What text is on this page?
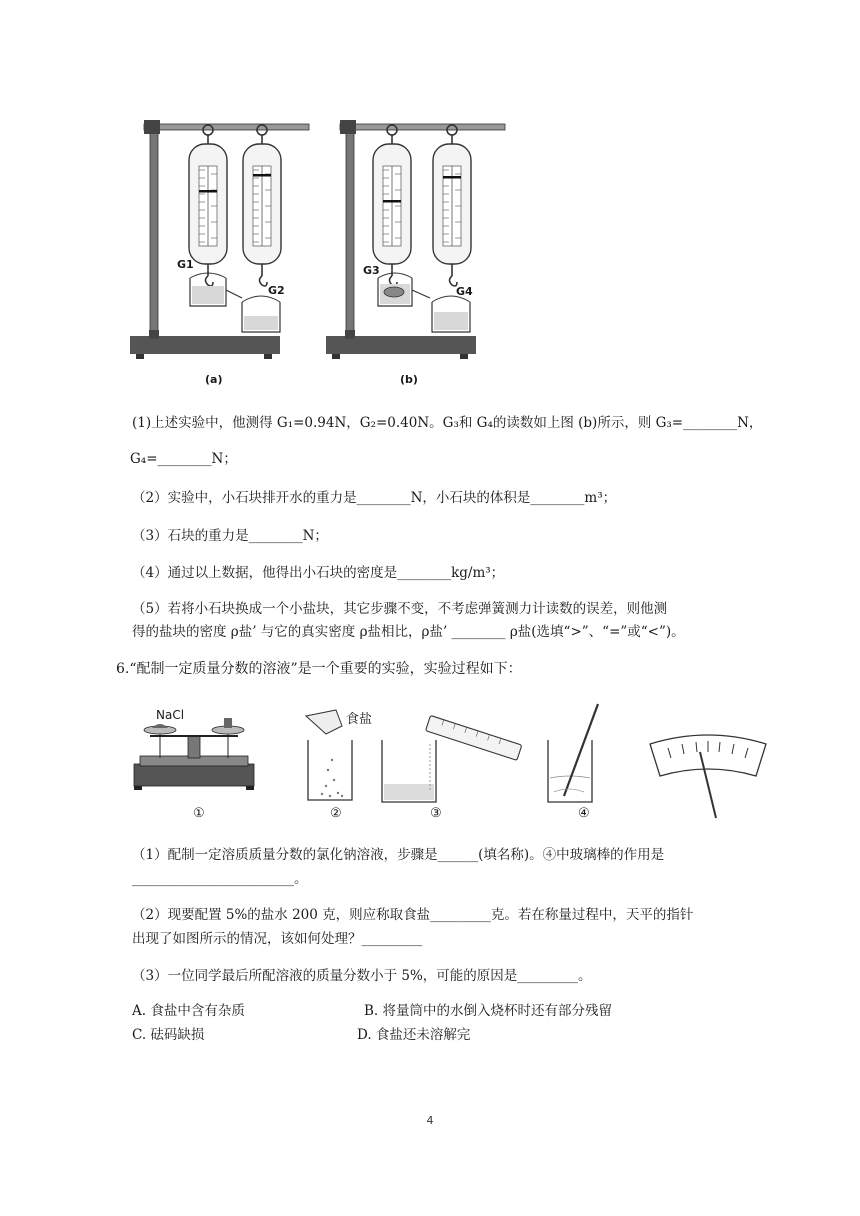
G1
G2
G3
G4
(a)	(b)
(1)上述实验中，他测得 G₁=0.94N，G₂=0.40N。G₃和 G₄的读数如上图 (b)所示，则 G₃=________N，
G₄=________N；
（2）实验中，小石块排开水的重力是________N，小石块的体积是________m³；
（3）石块的重力是________N；
（4）通过以上数据，他得出小石块的密度是________kg/m³；
（5）若将小石块换成一个小盐块，其它步骤不变，不考虑弹簧测力计读数的误差，则他测
得的盐块的密度 ρ盐’ 与它的真实密度 ρ盐相比，ρ盐’ ________ ρ盐(选填“>”、“=”或“<”)。
6.“配制一定质量分数的溶液”是一个重要的实验，实验过程如下：
NaCl	食盐
①	②	③	④
（1）配制一定溶质质量分数的氯化钠溶液，步骤是______(填名称)。④中玻璃棒的作用是
________________________。
（2）现要配置 5%的盐水 200 克，则应称取食盐_________克。若在称量过程中，天平的指针
出现了如图所示的情况，该如何处理？_________
（3）一位同学最后所配溶液的质量分数小于 5%，可能的原因是_________。
A. 食盐中含有杂质	B. 将量筒中的水倒入烧杯时还有部分残留
C. 砝码缺损	D. 食盐还未溶解完
4
